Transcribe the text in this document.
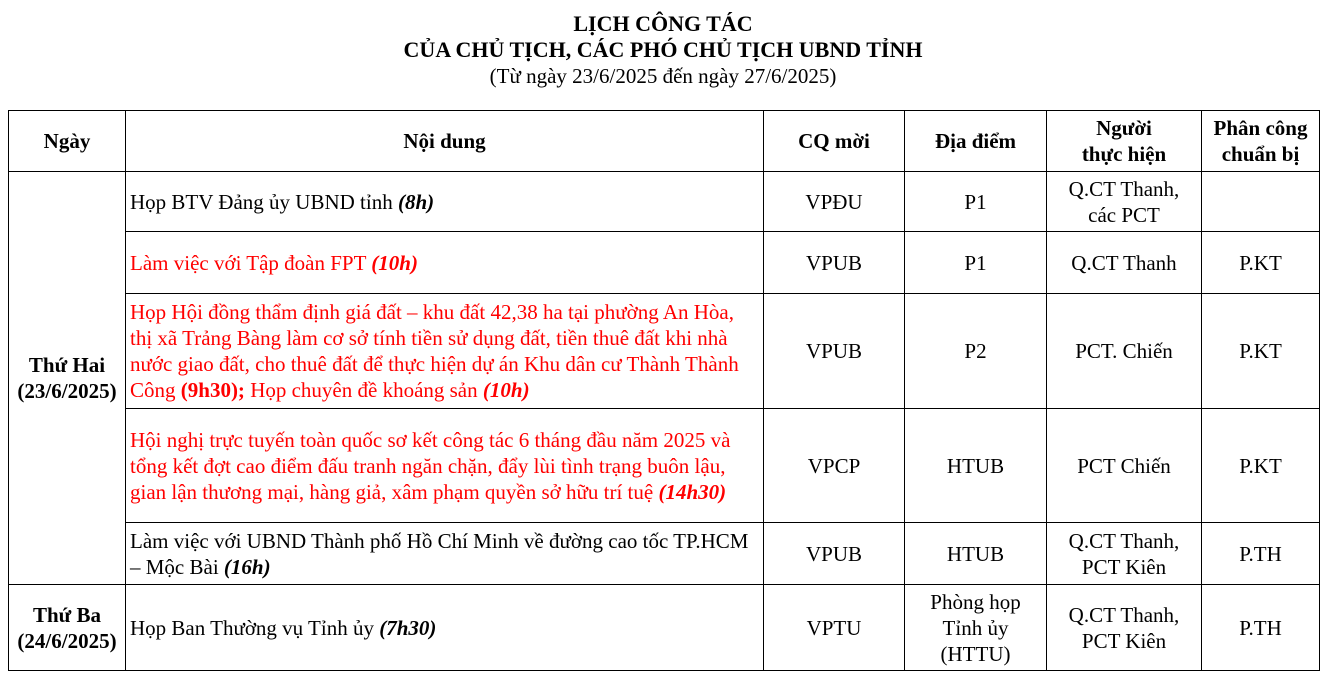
LỊCH CÔNG TÁC
CỦA CHỦ TỊCH, CÁC PHÓ CHỦ TỊCH UBND TỈNH
(Từ ngày 23/6/2025 đến ngày 27/6/2025)
Ngày	Nội dung	CQ mời	Địa điểm	Người
thực hiện	Phân công
chuẩn bị
Thứ Hai
(23/6/2025)	Họp BTV Đảng ủy UBND tỉnh (8h)	VPĐU	P1	Q.CT Thanh,
các PCT	
	Làm việc với Tập đoàn FPT (10h)	VPUB	P1	Q.CT Thanh	P.KT
	Họp Hội đồng thẩm định giá đất – khu đất 42,38 ha tại phường An Hòa, thị xã Trảng Bàng làm cơ sở tính tiền sử dụng đất, tiền thuê đất khi nhà nước giao đất, cho thuê đất để thực hiện dự án Khu dân cư Thành Thành Công (9h30); Họp chuyên đề khoáng sản (10h)	VPUB	P2	PCT. Chiến	P.KT
	Hội nghị trực tuyến toàn quốc sơ kết công tác 6 tháng đầu năm 2025 và tổng kết đợt cao điểm đấu tranh ngăn chặn, đẩy lùi tình trạng buôn lậu, gian lận thương mại, hàng giả, xâm phạm quyền sở hữu trí tuệ (14h30)	VPCP	HTUB	PCT Chiến	P.KT
	Làm việc với UBND Thành phố Hồ Chí Minh về đường cao tốc TP.HCM – Mộc Bài (16h)	VPUB	HTUB	Q.CT Thanh,
PCT Kiên	P.TH
Thứ Ba
(24/6/2025)	Họp Ban Thường vụ Tỉnh ủy (7h30)	VPTU	Phòng họp
Tỉnh ủy
(HTTU)	Q.CT Thanh,
PCT Kiên	P.TH
